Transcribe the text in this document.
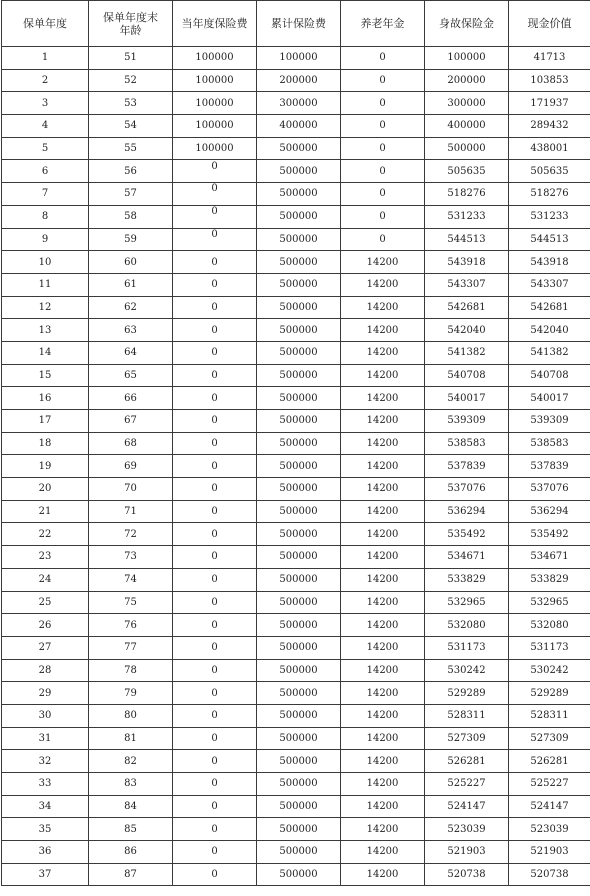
保单年度	保单年度末年龄	当年度保险费	累计保险费	养老年金	身故保险金	现金价值
1	51	100000	100000	0	100000	41713
2	52	100000	200000	0	200000	103853
3	53	100000	300000	0	300000	171937
4	54	100000	400000	0	400000	289432
5	55	100000	500000	0	500000	438001
6	56	0	500000	0	505635	505635
7	57	0	500000	0	518276	518276
8	58	0	500000	0	531233	531233
9	59	0	500000	0	544513	544513
10	60	0	500000	14200	543918	543918
11	61	0	500000	14200	543307	543307
12	62	0	500000	14200	542681	542681
13	63	0	500000	14200	542040	542040
14	64	0	500000	14200	541382	541382
15	65	0	500000	14200	540708	540708
16	66	0	500000	14200	540017	540017
17	67	0	500000	14200	539309	539309
18	68	0	500000	14200	538583	538583
19	69	0	500000	14200	537839	537839
20	70	0	500000	14200	537076	537076
21	71	0	500000	14200	536294	536294
22	72	0	500000	14200	535492	535492
23	73	0	500000	14200	534671	534671
24	74	0	500000	14200	533829	533829
25	75	0	500000	14200	532965	532965
26	76	0	500000	14200	532080	532080
27	77	0	500000	14200	531173	531173
28	78	0	500000	14200	530242	530242
29	79	0	500000	14200	529289	529289
30	80	0	500000	14200	528311	528311
31	81	0	500000	14200	527309	527309
32	82	0	500000	14200	526281	526281
33	83	0	500000	14200	525227	525227
34	84	0	500000	14200	524147	524147
35	85	0	500000	14200	523039	523039
36	86	0	500000	14200	521903	521903
37	87	0	500000	14200	520738	520738
